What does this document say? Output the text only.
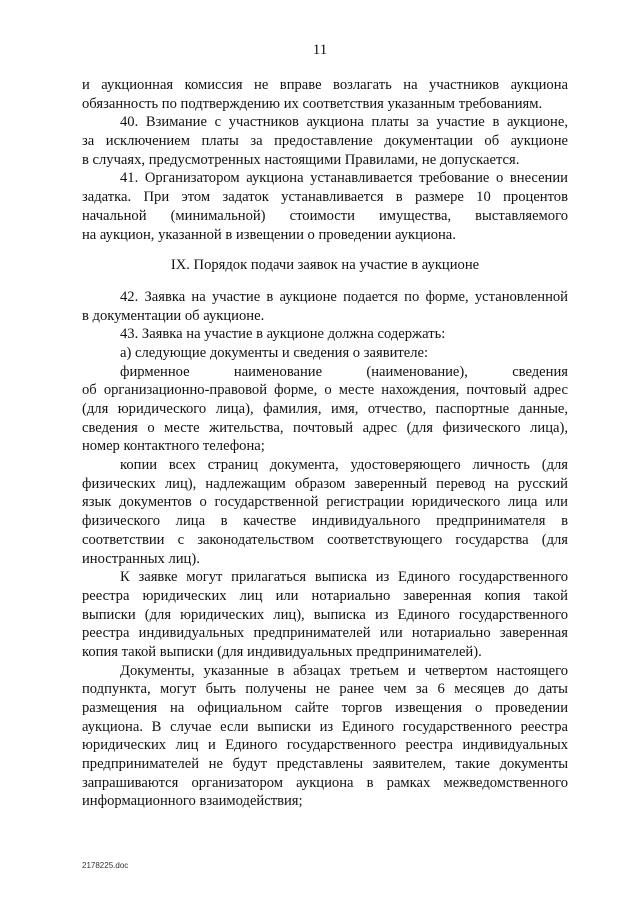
11
и аукционная комиссия не вправе возлагать на участников аукциона
обязанность по подтверждению их соответствия указанным требованиям.
40. Взимание с участников аукциона платы за участие в аукционе,
за исключением платы за предоставление документации об аукционе
в случаях, предусмотренных настоящими Правилами, не допускается.
41. Организатором аукциона устанавливается требование о внесении
задатка. При этом задаток устанавливается в размере 10 процентов
начальной (минимальной) стоимости имущества, выставляемого
на аукцион, указанной в извещении о проведении аукциона.
IX. Порядок подачи заявок на участие в аукционе
42. Заявка на участие в аукционе подается по форме, установленной
в документации об аукционе.
43. Заявка на участие в аукционе должна содержать:
а) следующие документы и сведения о заявителе:
фирменное наименование (наименование), сведения
об организационно-правовой форме, о месте нахождения, почтовый адрес
(для юридического лица), фамилия, имя, отчество, паспортные данные,
сведения о месте жительства, почтовый адрес (для физического лица),
номер контактного телефона;
копии всех страниц документа, удостоверяющего личность (для
физических лиц), надлежащим образом заверенный перевод на русский
язык документов о государственной регистрации юридического лица или
физического лица в качестве индивидуального предпринимателя в
соответствии с законодательством соответствующего государства (для
иностранных лиц).
К заявке могут прилагаться выписка из Единого государственного
реестра юридических лиц или нотариально заверенная копия такой
выписки (для юридических лиц), выписка из Единого государственного
реестра индивидуальных предпринимателей или нотариально заверенная
копия такой выписки (для индивидуальных предпринимателей).
Документы, указанные в абзацах третьем и четвертом настоящего
подпункта, могут быть получены не ранее чем за 6 месяцев до даты
размещения на официальном сайте торгов извещения о проведении
аукциона. В случае если выписки из Единого государственного реестра
юридических лиц и Единого государственного реестра индивидуальных
предпринимателей не будут представлены заявителем, такие документы
запрашиваются организатором аукциона в рамках межведомственного
информационного взаимодействия;
2178225.doc
